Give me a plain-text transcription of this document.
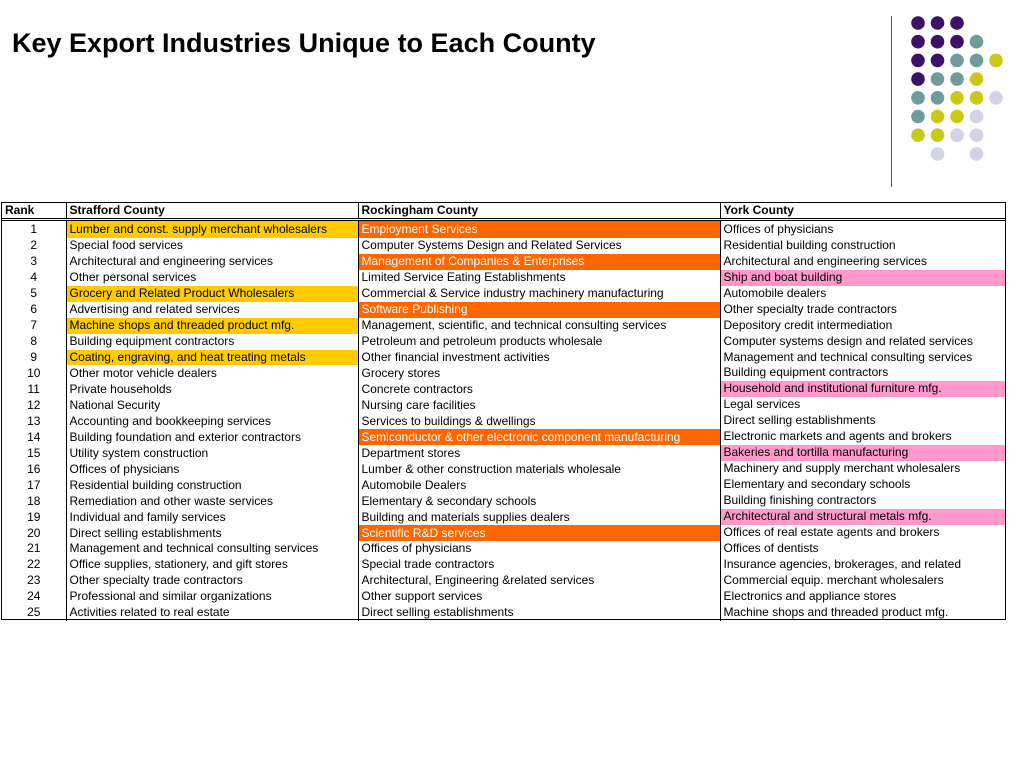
Key Export Industries Unique to Each County
Rank	Strafford County	Rockingham County	York County
1	Lumber and const. supply merchant wholesalers	Employment Services	Offices of physicians
2	Special food services	Computer Systems Design and Related Services	Residential building construction
3	Architectural and engineering services	Management of Companies & Enterprises	Architectural and engineering services
4	Other personal services	Limited Service Eating Establishments	Ship and boat building
5	Grocery and Related Product Wholesalers	Commercial & Service industry machinery manufacturing	Automobile dealers
6	Advertising and related services	Software Publishing	Other specialty trade contractors
7	Machine shops and threaded product mfg.	Management, scientific, and technical consulting services	Depository credit intermediation
8	Building equipment contractors	Petroleum and petroleum products wholesale	Computer systems design and related services
9	Coating, engraving, and heat treating metals	Other financial investment activities	Management and technical consulting services
10	Other motor vehicle dealers	Grocery stores	Building equipment contractors
11	Private households	Concrete contractors	Household and institutional furniture mfg.
12	National Security	Nursing care facilities	Legal services
13	Accounting and bookkeeping services	Services to buildings & dwellings	Direct selling establishments
14	Building foundation and exterior contractors	Semiconductor & other electronic component manufacturing	Electronic markets and agents and brokers
15	Utility system construction	Department stores	Bakeries and tortilla manufacturing
16	Offices of physicians	Lumber & other construction materials wholesale	Machinery and supply merchant wholesalers
17	Residential building construction	Automobile Dealers	Elementary and secondary schools
18	Remediation and other waste services	Elementary & secondary schools	Building finishing contractors
19	Individual and family services	Building and materials supplies dealers	Architectural and structural metals mfg.
20	Direct selling establishments	Scientific R&D services	Offices of real estate agents and brokers
21	Management and technical consulting services	Offices of physicians	Offices of dentists
22	Office supplies, stationery, and gift stores	Special trade contractors	Insurance agencies, brokerages, and related
23	Other specialty trade contractors	Architectural, Engineering &related services	Commercial equip. merchant wholesalers
24	Professional and similar organizations	Other support services	Electronics and appliance stores
25	Activities related to real estate	Direct selling establishments	Machine shops and threaded product mfg.
